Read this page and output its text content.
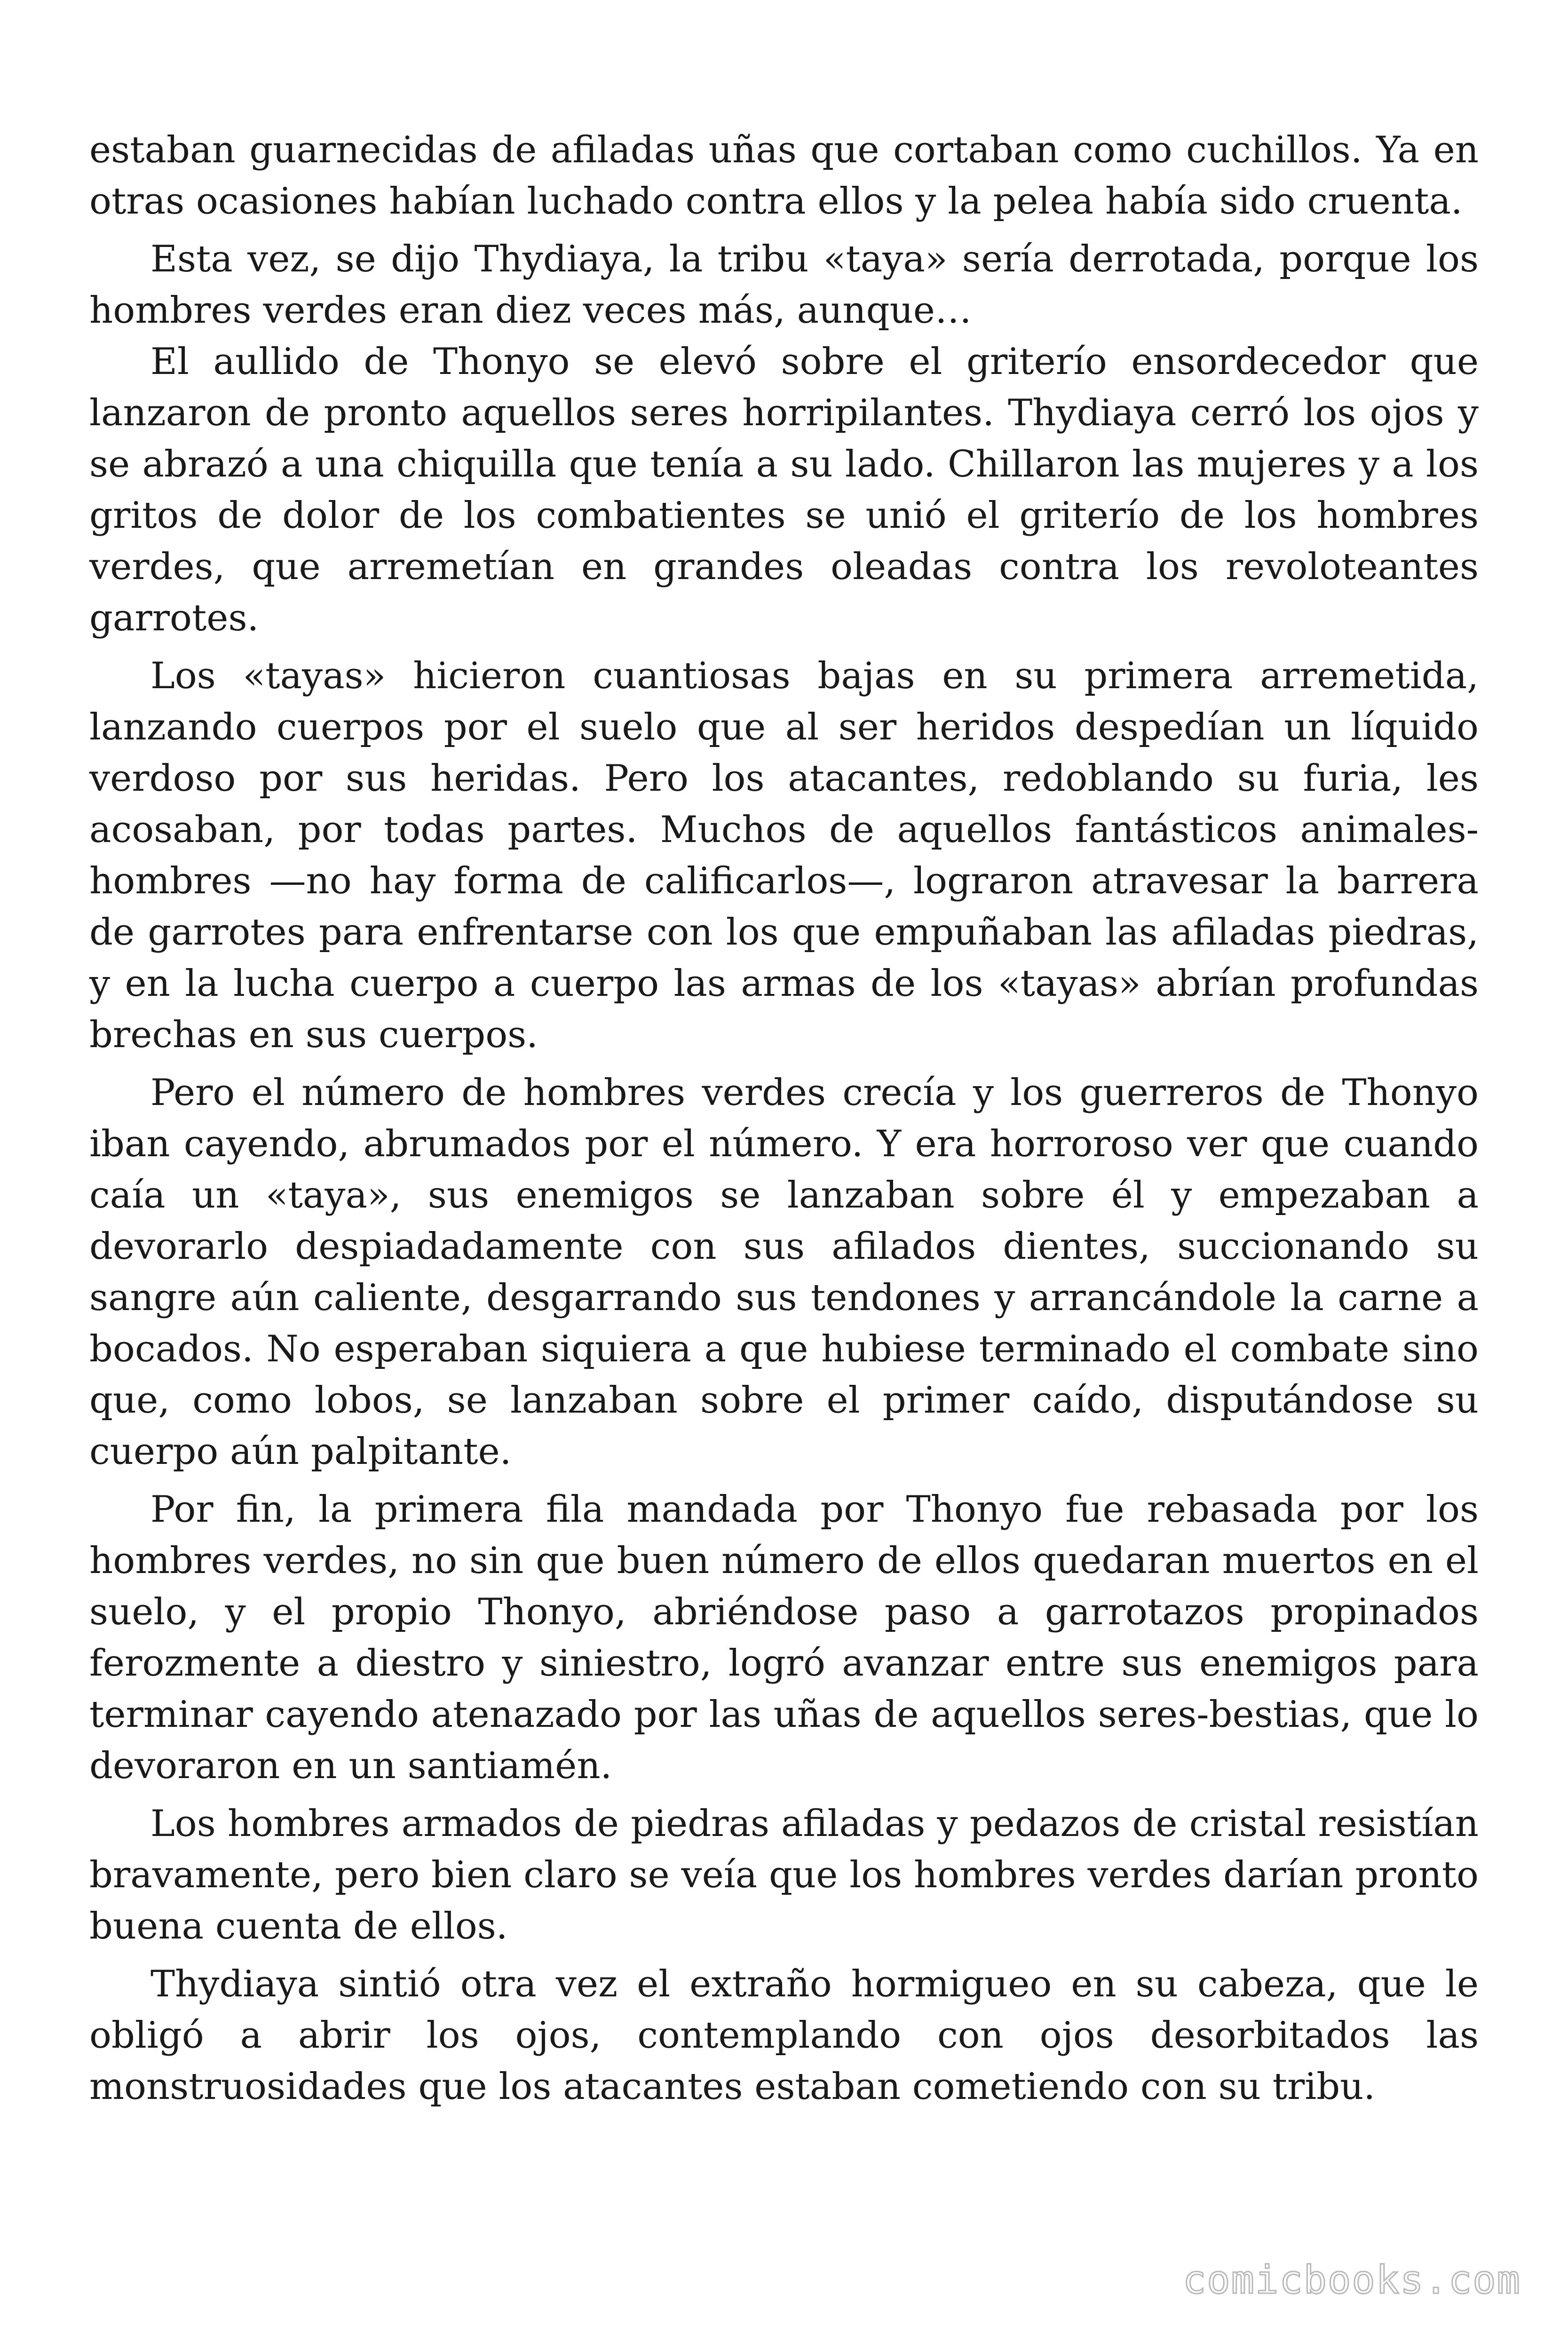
estaban guarnecidas de afiladas uñas que cortaban como cuchillos. Ya en otras ocasiones habían luchado contra ellos y la pelea había sido cruenta.

Esta vez, se dijo Thydiaya, la tribu «taya» sería derrotada, porque los hombres verdes eran diez veces más, aunque…

El aullido de Thonyo se elevó sobre el griterío ensordecedor que lanzaron de pronto aquellos seres horripilantes. Thydiaya cerró los ojos y se abrazó a una chiquilla que tenía a su lado. Chillaron las mujeres y a los gritos de dolor de los combatientes se unió el griterío de los hombres verdes, que arremetían en grandes oleadas contra los revoloteantes garrotes.

Los «tayas» hicieron cuantiosas bajas en su primera arremetida, lanzando cuerpos por el suelo que al ser heridos despedían un líquido verdoso por sus heridas. Pero los atacantes, redoblando su furia, les acosaban, por todas partes. Muchos de aquellos fantásticos animales-hombres —no hay forma de calificarlos—, lograron atravesar la barrera de garrotes para enfrentarse con los que empuñaban las afiladas piedras, y en la lucha cuerpo a cuerpo las armas de los «tayas» abrían profundas brechas en sus cuerpos.

Pero el número de hombres verdes crecía y los guerreros de Thonyo iban cayendo, abrumados por el número. Y era horroroso ver que cuando caía un «taya», sus enemigos se lanzaban sobre él y empezaban a devorarlo despiadadamente con sus afilados dientes, succionando su sangre aún caliente, desgarrando sus tendones y arrancándole la carne a bocados. No esperaban siquiera a que hubiese terminado el combate sino que, como lobos, se lanzaban sobre el primer caído, disputándose su cuerpo aún palpitante.

Por fin, la primera fila mandada por Thonyo fue rebasada por los hombres verdes, no sin que buen número de ellos quedaran muertos en el suelo, y el propio Thonyo, abriéndose paso a garrotazos propinados ferozmente a diestro y siniestro, logró avanzar entre sus enemigos para terminar cayendo atenazado por las uñas de aquellos seres-bestias, que lo devoraron en un santiamén.

Los hombres armados de piedras afiladas y pedazos de cristal resistían bravamente, pero bien claro se veía que los hombres verdes darían pronto buena cuenta de ellos.

Thydiaya sintió otra vez el extraño hormigueo en su cabeza, que le obligó a abrir los ojos, contemplando con ojos desorbitados las monstruosidades que los atacantes estaban cometiendo con su tribu.

comicbooks.com
